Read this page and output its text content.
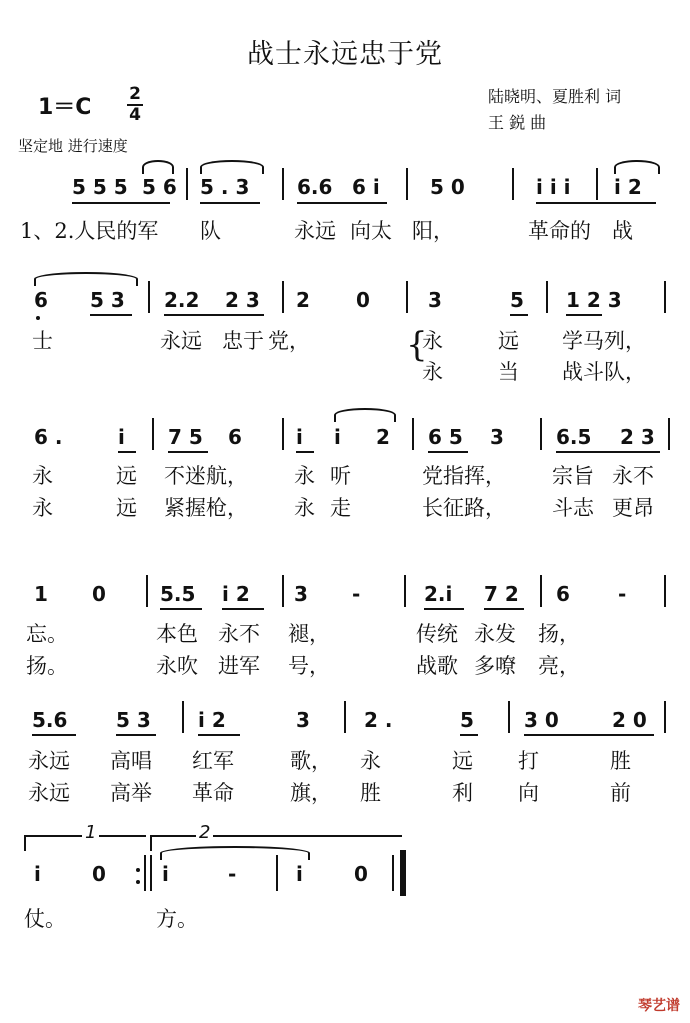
战士永远忠于党
1＝C
2
4
陆晓明、夏胜利 词
王 鋭 曲
坚定地 进行速度
5 5 5 5 6 5 . 3 6.6 6 i	5 0	i i i i 2
1、2.人民的军 队	永远 向太 阳，	革命的 战
6 5 3 2.2 2 3 2 0	3	5 1 2 3
{
士	永远 忠于 党，	永	远 学马列，
永	当 战斗队，
6 .	i 7 5 6	i i 2 6 5 3	6.5 2 3
永	远 不迷航， 永 听	党指挥， 宗旨 永不
永	远 紧握枪， 永 走	长征路， 斗志 更昂
1 0	5.5 i 2 3 -	2.i 7 2 6 -
忘。	本色 永不 褪，	传统 永发 扬，
扬。	永吹 进军 号，	战歌 多嘹 亮，
5.6 5 3 i 2	3	2 .	5	3 0	2 0
永远 高唱 红军	歌， 永	远 打	胜
永远 高举 革命	旗， 胜	利 向	前
1	2
i	0	i	-	i	0
仗。	方。
琴艺谱
